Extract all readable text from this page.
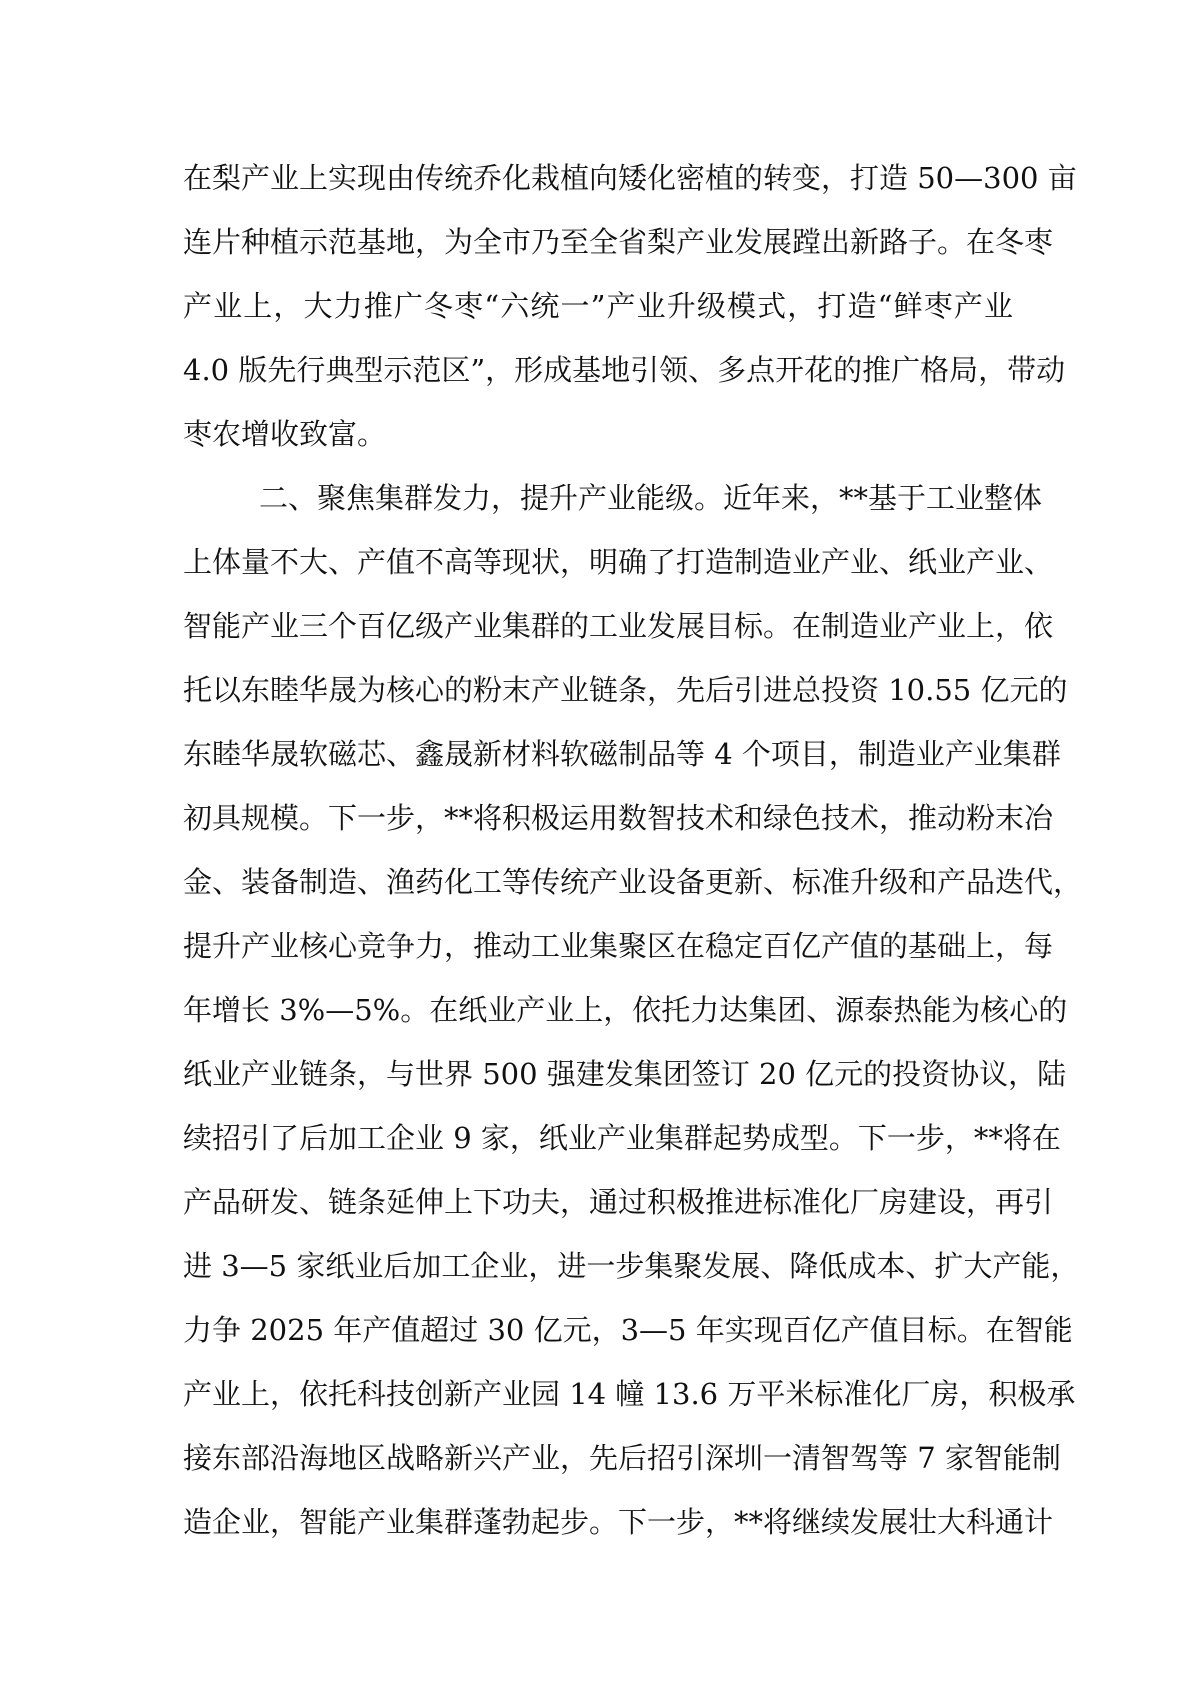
在梨产业上实现由传统乔化栽植向矮化密植的转变，打造 50—300 亩
连片种植示范基地，为全市乃至全省梨产业发展蹚出新路子。在冬枣
产业上，大力推广冬枣“六统一”产业升级模式，打造“鲜枣产业
4.0 版先行典型示范区”，形成基地引领、多点开花的推广格局，带动
枣农增收致富。
二、聚焦集群发力，提升产业能级。近年来，**基于工业整体
上体量不大、产值不高等现状，明确了打造制造业产业、纸业产业、
智能产业三个百亿级产业集群的工业发展目标。在制造业产业上，依
托以东睦华晟为核心的粉末产业链条，先后引进总投资 10.55 亿元的
东睦华晟软磁芯、鑫晟新材料软磁制品等 4 个项目，制造业产业集群
初具规模。下一步，**将积极运用数智技术和绿色技术，推动粉末冶
金、装备制造、渔药化工等传统产业设备更新、标准升级和产品迭代，
提升产业核心竞争力，推动工业集聚区在稳定百亿产值的基础上，每
年增长 3%—5%。在纸业产业上，依托力达集团、源泰热能为核心的
纸业产业链条，与世界 500 强建发集团签订 20 亿元的投资协议，陆
续招引了后加工企业 9 家，纸业产业集群起势成型。下一步，**将在
产品研发、链条延伸上下功夫，通过积极推进标准化厂房建设，再引
进 3—5 家纸业后加工企业，进一步集聚发展、降低成本、扩大产能，
力争 2025 年产值超过 30 亿元，3—5 年实现百亿产值目标。在智能
产业上，依托科技创新产业园 14 幢 13.6 万平米标准化厂房，积极承
接东部沿海地区战略新兴产业，先后招引深圳一清智驾等 7 家智能制
造企业，智能产业集群蓬勃起步。下一步，**将继续发展壮大科通计
